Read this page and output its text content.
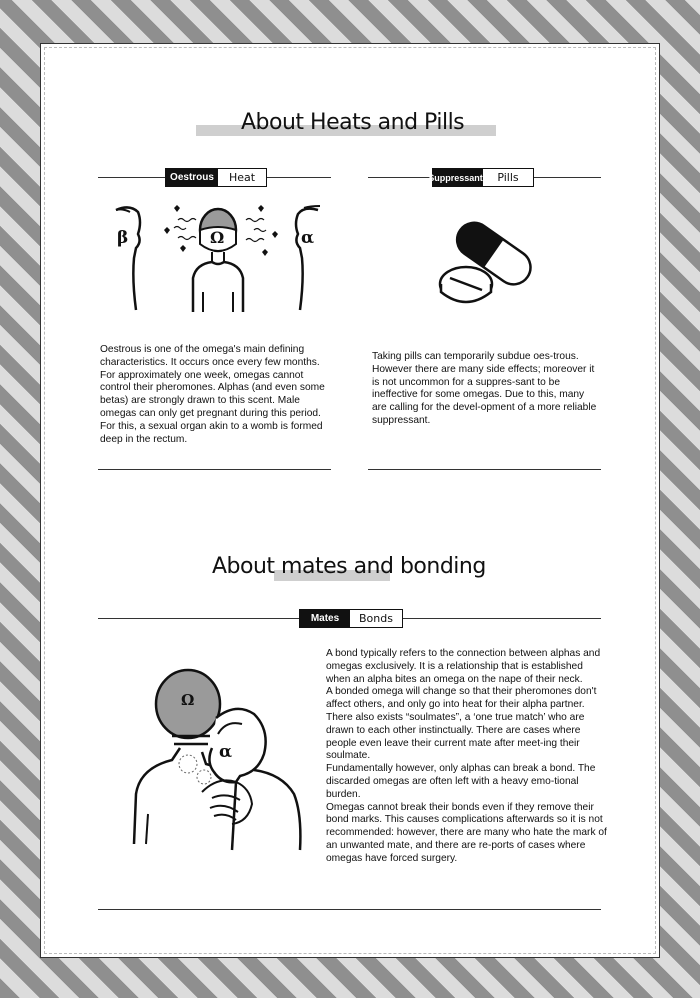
About Heats and Pills
Oestrous	Heat	Suppressants Pills
β	Ω	α
Oestrous is one of the omega's main defining characteristics. It occurs once every few months. For approximately one week, omegas cannot control their pheromones. Alphas (and even some betas) are strongly drawn to this scent. Male omegas can only get pregnant during this period. For this, a sexual organ akin to a womb is formed deep in the rectum.
Taking pills can temporarily subdue oes-trous. However there are many side effects; moreover it is not uncommon for a suppres-sant to be ineffective for some omegas. Due to this, many are calling for the devel-opment of a more reliable suppressant.
About mates and bonding
Mates	Bonds
Ω
α

A bond typically refers to the connection between alphas and omegas exclusively. It is a relationship that is established when an alpha bites an omega on the nape of their neck.

A bonded omega will change so that their pheromones don't affect others, and only go into heat for their alpha partner.

There also exists “soulmates”, a ‘one true match’ who are drawn to each other instinctually. There are cases where people even leave their current mate after meet-ing their soulmate.

Fundamentally however, only alphas can break a bond. The discarded omegas are often left with a heavy emo-tional burden.

Omegas cannot break their bonds even if they remove their bond marks. This causes complications afterwards so it is not recommended: however, there are many who hate the mark of an unwanted mate, and there are re-ports of cases where omegas have forced surgery.
